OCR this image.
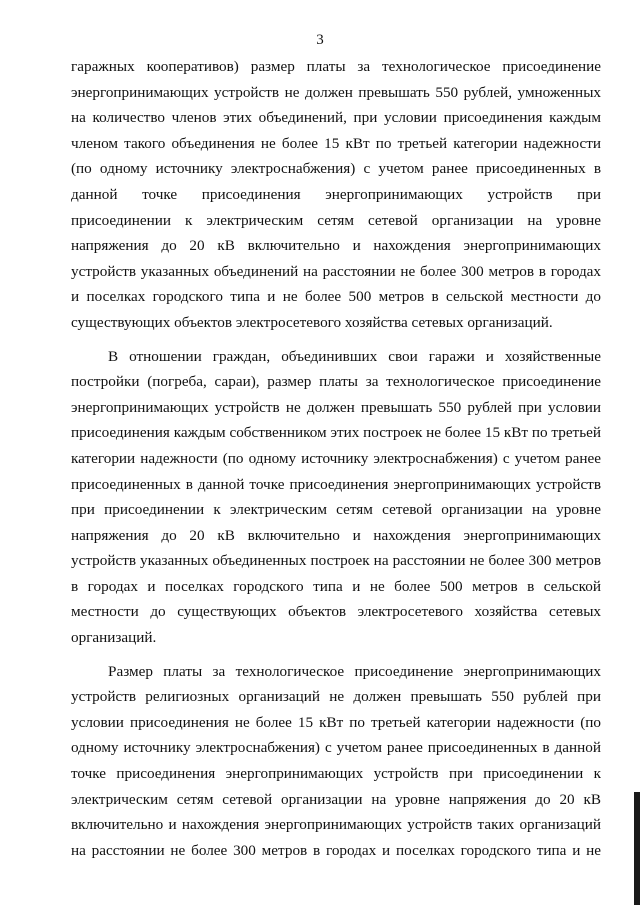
3
гаражных кооперативов) размер платы за технологическое присоединение
энергопринимающих устройств не должен превышать 550 рублей, умноженных
на количество членов этих объединений, при условии присоединения каждым
членом такого объединения не более 15 кВт по третьей категории надежности
(по одному источнику электроснабжения) с учетом ранее присоединенных в
данной точке присоединения энергопринимающих устройств при
присоединении к электрическим сетям сетевой организации на уровне
напряжения до 20 кВ включительно и нахождения энергопринимающих
устройств указанных объединений на расстоянии не более 300 метров в городах
и поселках городского типа и не более 500 метров в сельской местности до
существующих объектов электросетевого хозяйства сетевых организаций.
В отношении граждан, объединивших свои гаражи и хозяйственные
постройки (погреба, сараи), размер платы за технологическое присоединение
энергопринимающих устройств не должен превышать 550 рублей при условии
присоединения каждым собственником этих построек не более 15 кВт по третьей
категории надежности (по одному источнику электроснабжения) с учетом ранее
присоединенных в данной точке присоединения энергопринимающих устройств
при присоединении к электрическим сетям сетевой организации на уровне
напряжения до 20 кВ включительно и нахождения энергопринимающих
устройств указанных объединенных построек на расстоянии не более 300 метров
в городах и поселках городского типа и не более 500 метров в сельской
местности до существующих объектов электросетевого хозяйства сетевых
организаций.
Размер платы за технологическое присоединение энергопринимающих
устройств религиозных организаций не должен превышать 550 рублей при
условии присоединения не более 15 кВт по третьей категории надежности (по
одному источнику электроснабжения) с учетом ранее присоединенных в данной
точке присоединения энергопринимающих устройств при присоединении к
электрическим сетям сетевой организации на уровне напряжения до 20 кВ
включительно и нахождения энергопринимающих устройств таких организаций
на расстоянии не более 300 метров в городах и поселках городского типа и не
